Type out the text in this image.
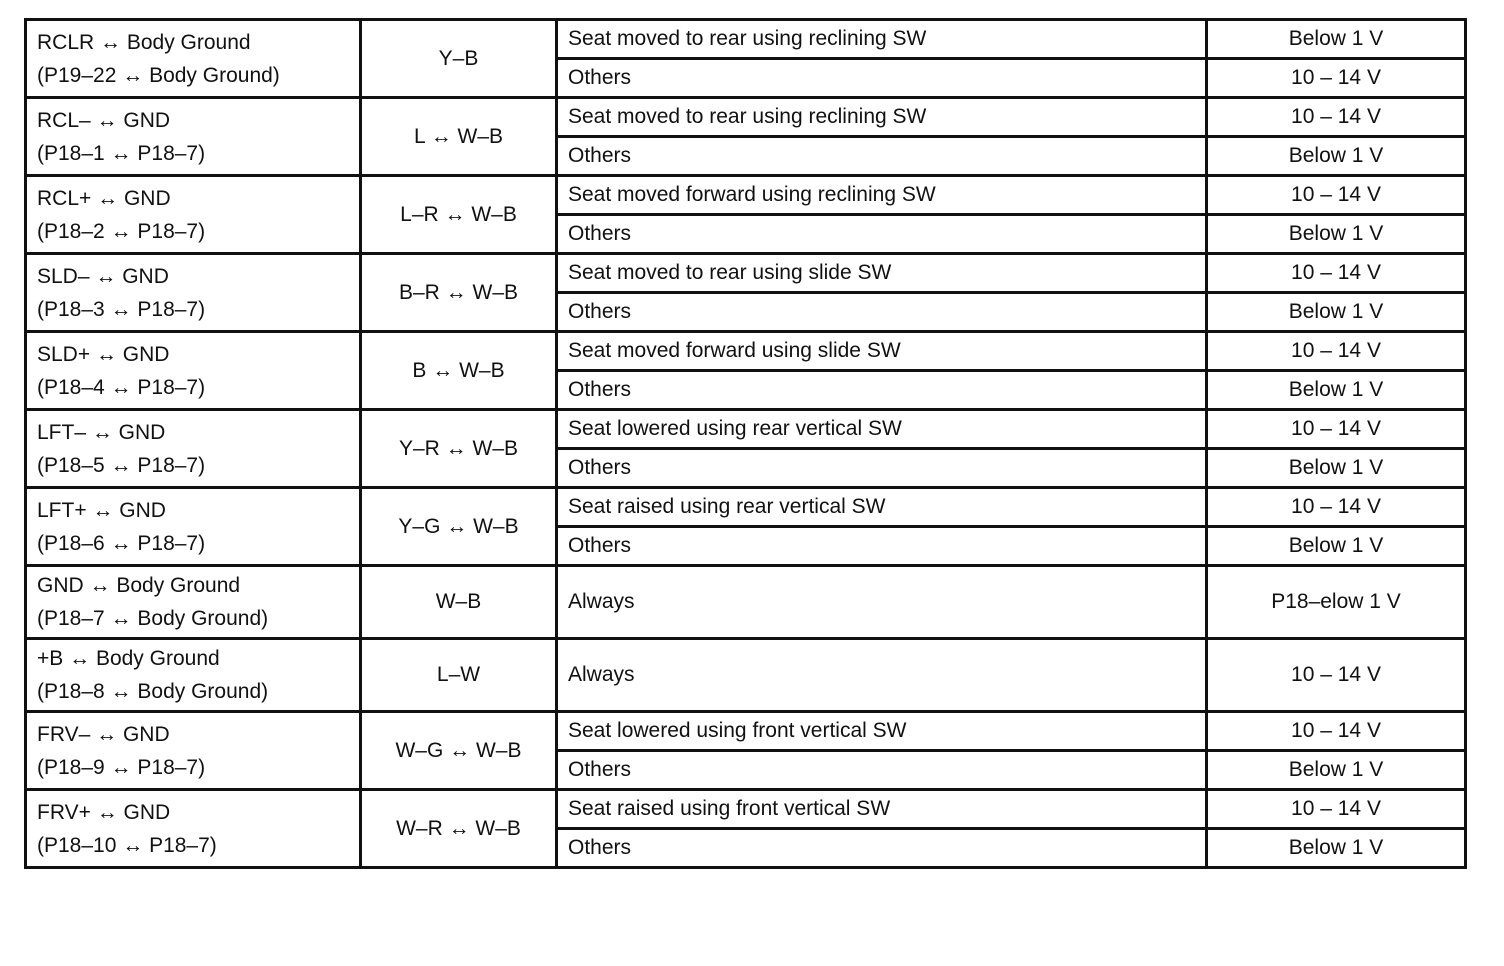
RCLR ↔ Body Ground
(P19–22 ↔ Body Ground)	Y–B	Seat moved to rear using reclining SW	Below 1 V
		Others	10 – 14 V

RCL– ↔ GND
(P18–1 ↔ P18–7)	L ↔ W–B	Seat moved to rear using reclining SW	10 – 14 V
		Others	Below 1 V

RCL+ ↔ GND
(P18–2 ↔ P18–7)	L–R ↔ W–B	Seat moved forward using reclining SW	10 – 14 V
		Others	Below 1 V

SLD– ↔ GND
(P18–3 ↔ P18–7)	B–R ↔ W–B	Seat moved to rear using slide SW	10 – 14 V
		Others	Below 1 V

SLD+ ↔ GND
(P18–4 ↔ P18–7)	B ↔ W–B	Seat moved forward using slide SW	10 – 14 V
		Others	Below 1 V

LFT– ↔ GND
(P18–5 ↔ P18–7)	Y–R ↔ W–B	Seat lowered using rear vertical SW	10 – 14 V
		Others	Below 1 V

LFT+ ↔ GND
(P18–6 ↔ P18–7)	Y–G ↔ W–B	Seat raised using rear vertical SW	10 – 14 V
		Others	Below 1 V

GND ↔ Body Ground
(P18–7 ↔ Body Ground)	W–B	Always	P18–elow 1 V

+B ↔ Body Ground
(P18–8 ↔ Body Ground)	L–W	Always	10 – 14 V

FRV– ↔ GND
(P18–9 ↔ P18–7)	W–G ↔ W–B	Seat lowered using front vertical SW	10 – 14 V
		Others	Below 1 V

FRV+ ↔ GND
(P18–10 ↔ P18–7)	W–R ↔ W–B	Seat raised using front vertical SW	10 – 14 V
		Others	Below 1 V
